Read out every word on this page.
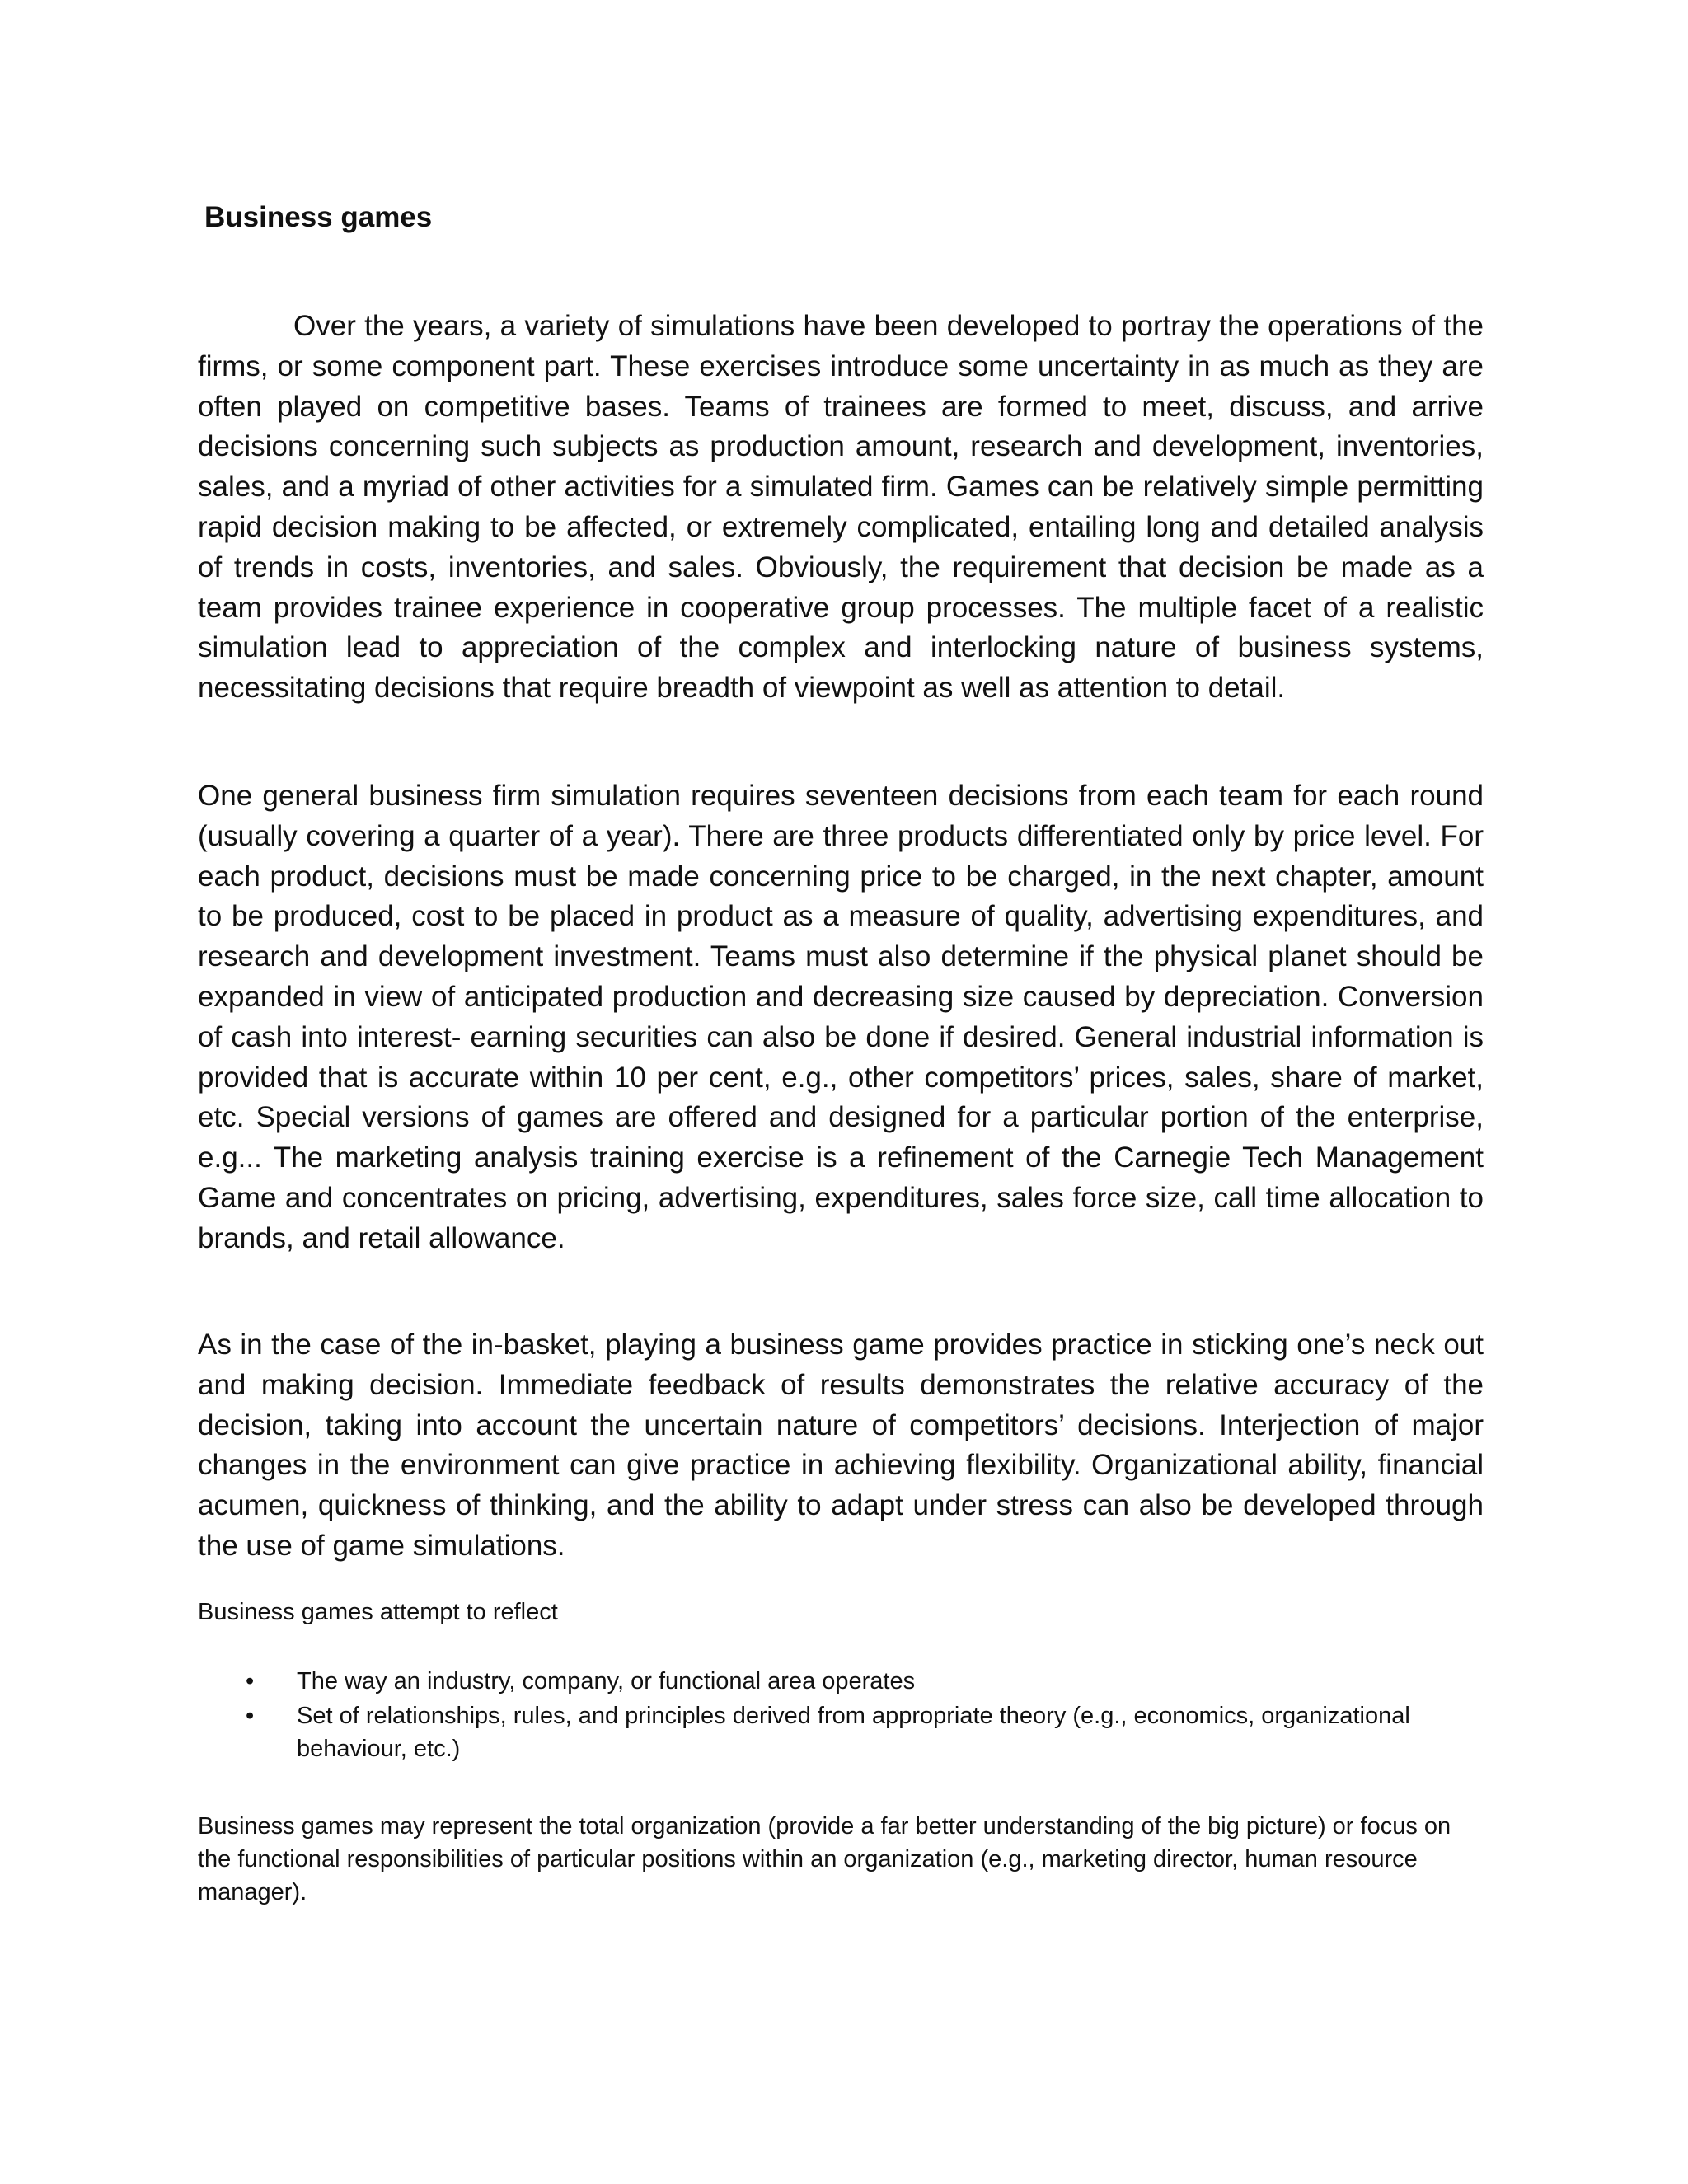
Business games

Over the years, a variety of simulations have been developed to portray the operations of the firms, or some component part. These exercises introduce some uncertainty in as much as they are often played on competitive bases. Teams of trainees are formed to meet, discuss, and arrive decisions concerning such subjects as production amount, research and development, inventories, sales, and a myriad of other activities for a simulated firm. Games can be relatively simple permitting rapid decision making to be affected, or extremely complicated, entailing long and detailed analysis of trends in costs, inventories, and sales. Obviously, the requirement that decision be made as a team provides trainee experience in cooperative group processes. The multiple facet of a realistic simulation lead to appreciation of the complex and interlocking nature of business systems, necessitating decisions that require breadth of viewpoint as well as attention to detail.

One general business firm simulation requires seventeen decisions from each team for each round (usually covering a quarter of a year). There are three products differentiated only by price level. For each product, decisions must be made concerning price to be charged, in the next chapter, amount to be produced, cost to be placed in product as a measure of quality, advertising expenditures, and research and development investment. Teams must also determine if the physical planet should be expanded in view of anticipated production and decreasing size caused by depreciation. Conversion of cash into interest- earning securities can also be done if desired. General industrial information is provided that is accurate within 10 per cent, e.g., other competitors’ prices, sales, share of market, etc. Special versions of games are offered and designed for a particular portion of the enterprise, e.g... The marketing analysis training exercise is a refinement of the Carnegie Tech Management Game and concentrates on pricing, advertising, expenditures, sales force size, call time allocation to brands, and retail allowance.

As in the case of the in-basket, playing a business game provides practice in sticking one’s neck out and making decision. Immediate feedback of results demonstrates the relative accuracy of the decision, taking into account the uncertain nature of competitors’ decisions. Interjection of major changes in the environment can give practice in achieving flexibility. Organizational ability, financial acumen, quickness of thinking, and the ability to adapt under stress can also be developed through the use of game simulations.

Business games attempt to reflect

• The way an industry, company, or functional area operates
• Set of relationships, rules, and principles derived from appropriate theory (e.g., economics, organizational behaviour, etc.)

Business games may represent the total organization (provide a far better understanding of the big picture) or focus on the functional responsibilities of particular positions within an organization (e.g., marketing director, human resource manager).
